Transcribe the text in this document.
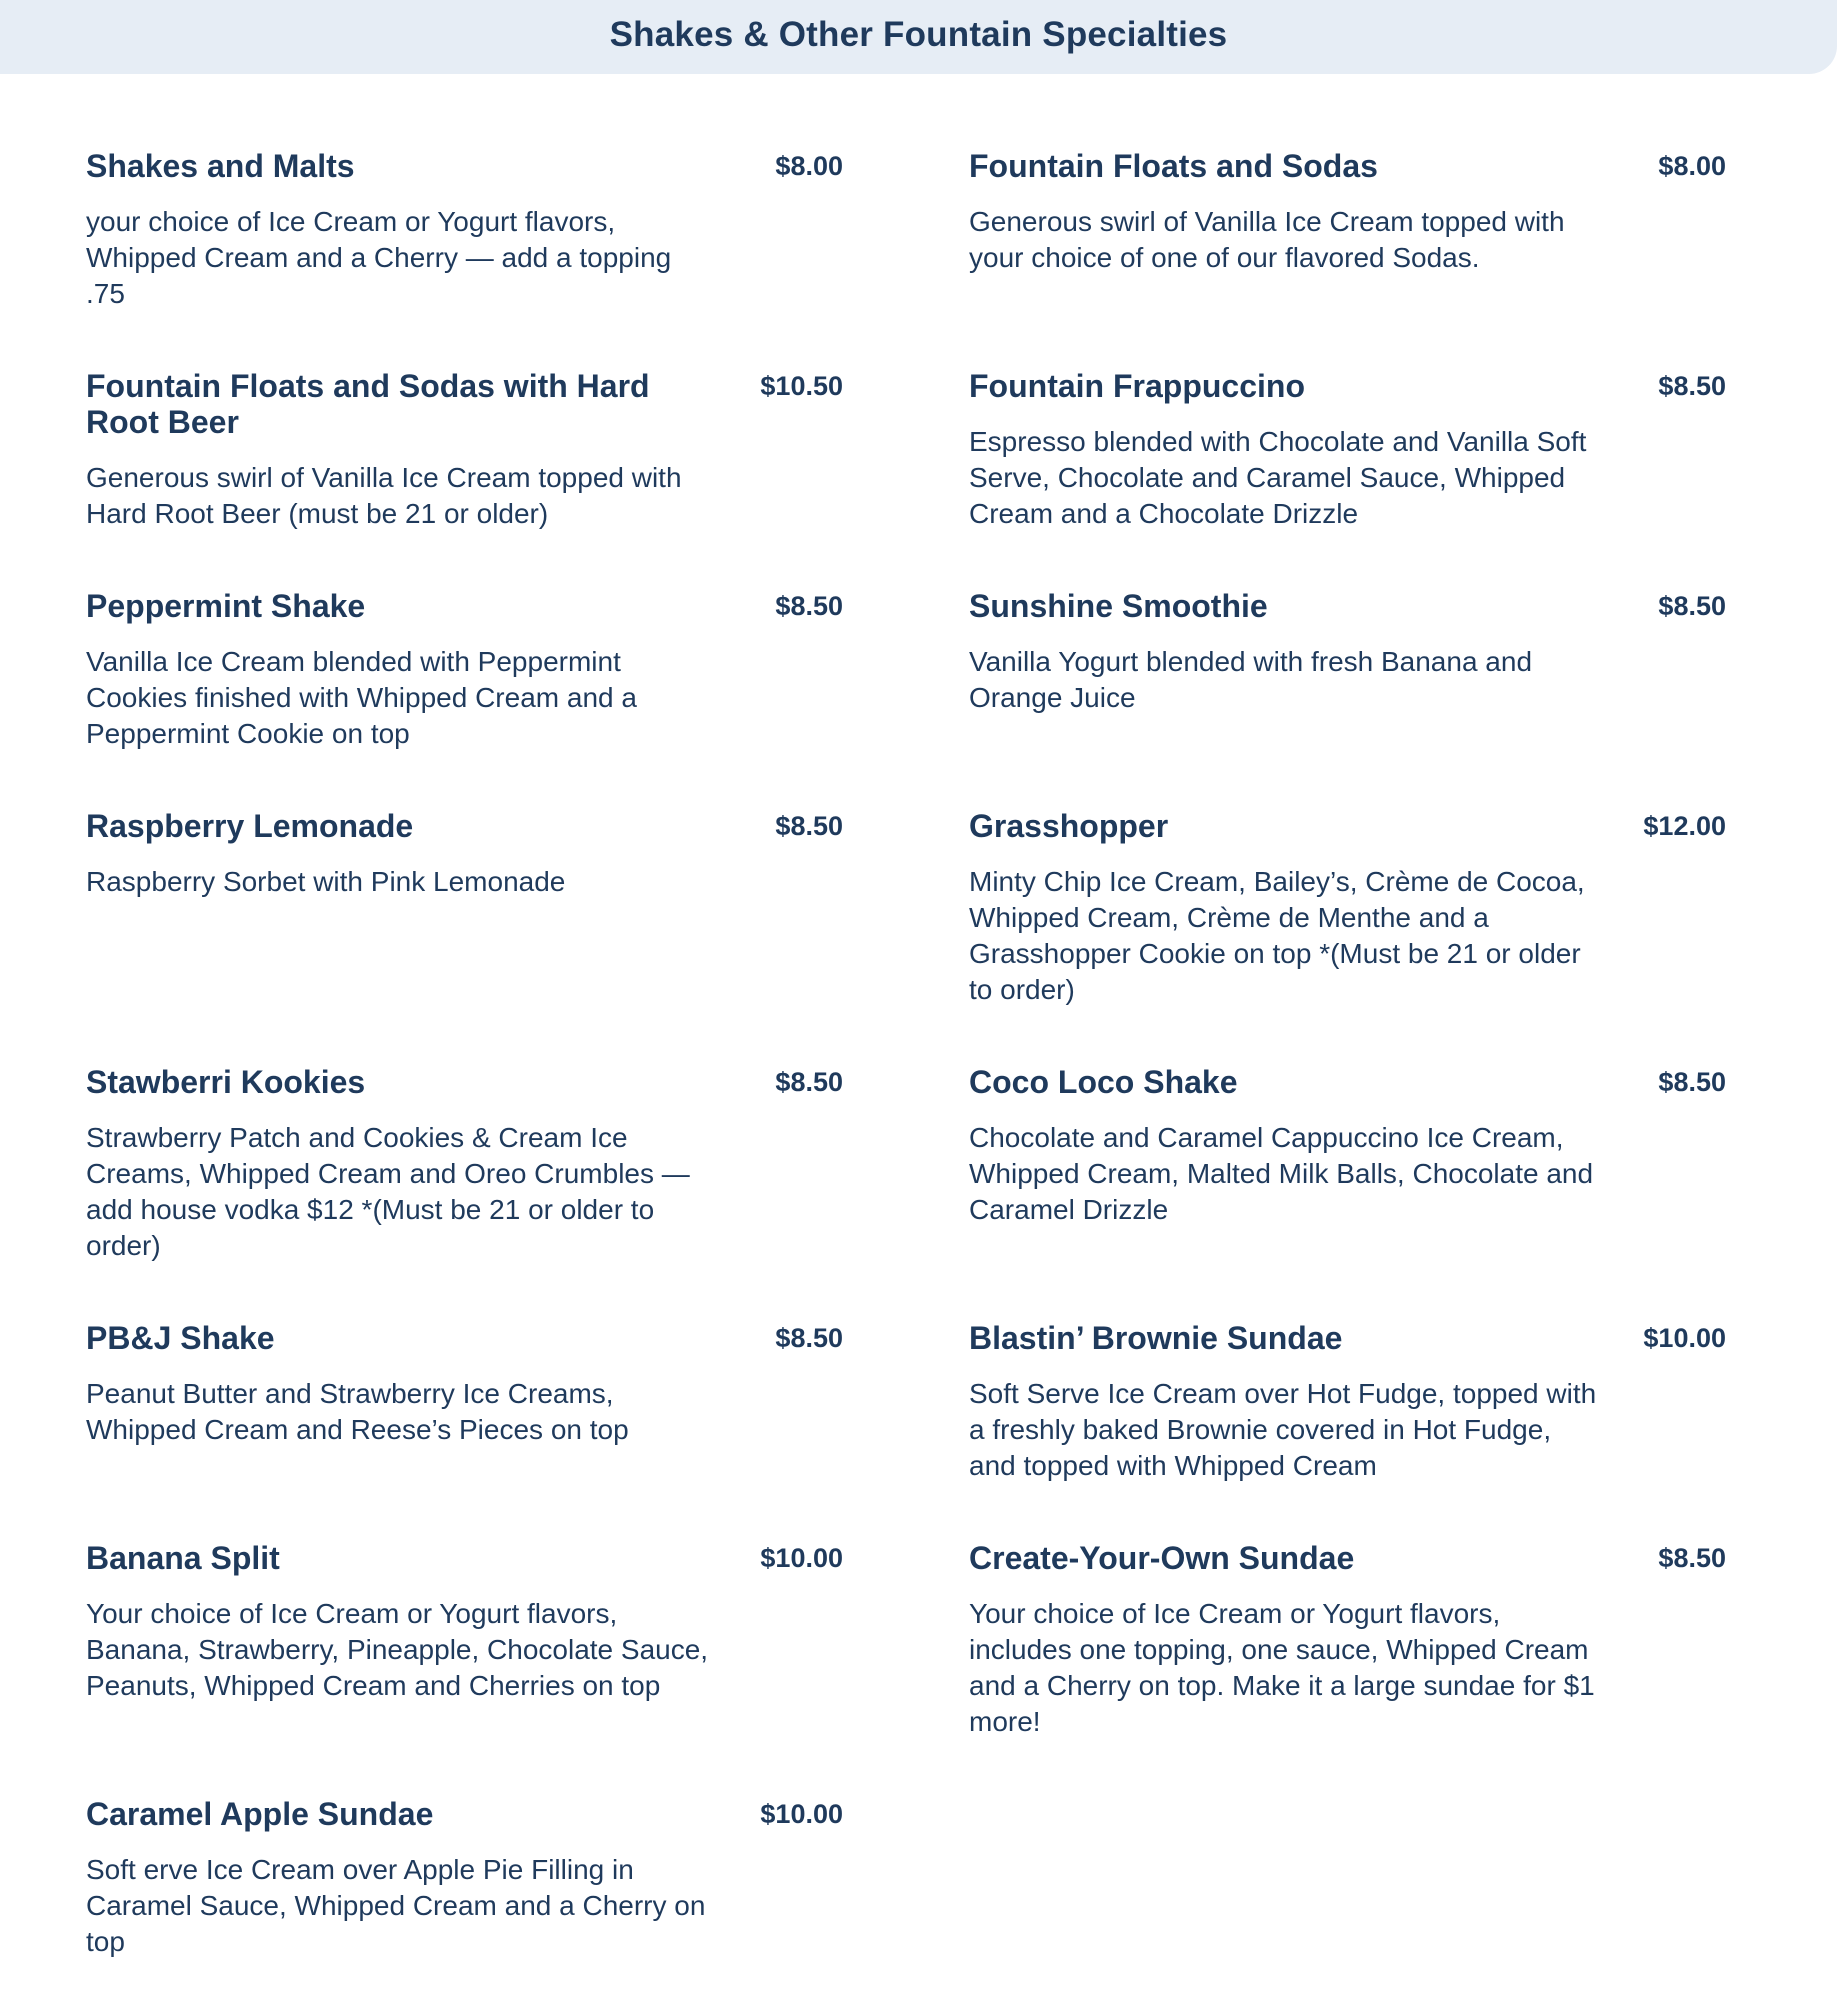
Shakes & Other Fountain Specialties
Shakes and Malts	$8.00
your choice of Ice Cream or Yogurt flavors, Whipped Cream and a Cherry — add a topping .75
Fountain Floats and Sodas	$8.00
Generous swirl of Vanilla Ice Cream topped with your choice of one of our flavored Sodas.
Fountain Floats and Sodas with Hard Root Beer
$10.50
Generous swirl of Vanilla Ice Cream topped with Hard Root Beer (must be 21 or older)
Fountain Frappuccino	$8.50
Espresso blended with Chocolate and Vanilla Soft Serve, Chocolate and Caramel Sauce, Whipped Cream and a Chocolate Drizzle
Peppermint Shake	$8.50
Vanilla Ice Cream blended with Peppermint Cookies finished with Whipped Cream and a Peppermint Cookie on top
Sunshine Smoothie	$8.50
Vanilla Yogurt blended with fresh Banana and Orange Juice
Raspberry Lemonade	$8.50
Raspberry Sorbet with Pink Lemonade
Grasshopper	$12.00
Minty Chip Ice Cream, Bailey’s, Crème de Cocoa, Whipped Cream, Crème de Menthe and a Grasshopper Cookie on top *(Must be 21 or older to order)
Stawberri Kookies	$8.50
Strawberry Patch and Cookies & Cream Ice Creams, Whipped Cream and Oreo Crumbles — add house vodka $12 *(Must be 21 or older to order)
Coco Loco Shake	$8.50
Chocolate and Caramel Cappuccino Ice Cream, Whipped Cream, Malted Milk Balls, Chocolate and Caramel Drizzle
PB&J Shake	$8.50
Peanut Butter and Strawberry Ice Creams, Whipped Cream and Reese’s Pieces on top
Blastin’ Brownie Sundae	$10.00
Soft Serve Ice Cream over Hot Fudge, topped with a freshly baked Brownie covered in Hot Fudge, and topped with Whipped Cream
Banana Split	$10.00
Your choice of Ice Cream or Yogurt flavors, Banana, Strawberry, Pineapple, Chocolate Sauce, Peanuts, Whipped Cream and Cherries on top
Create-Your-Own Sundae	$8.50
Your choice of Ice Cream or Yogurt flavors, includes one topping, one sauce, Whipped Cream and a Cherry on top. Make it a large sundae for $1 more!
Caramel Apple Sundae	$10.00
Soft erve Ice Cream over Apple Pie Filling in Caramel Sauce, Whipped Cream and a Cherry on top
